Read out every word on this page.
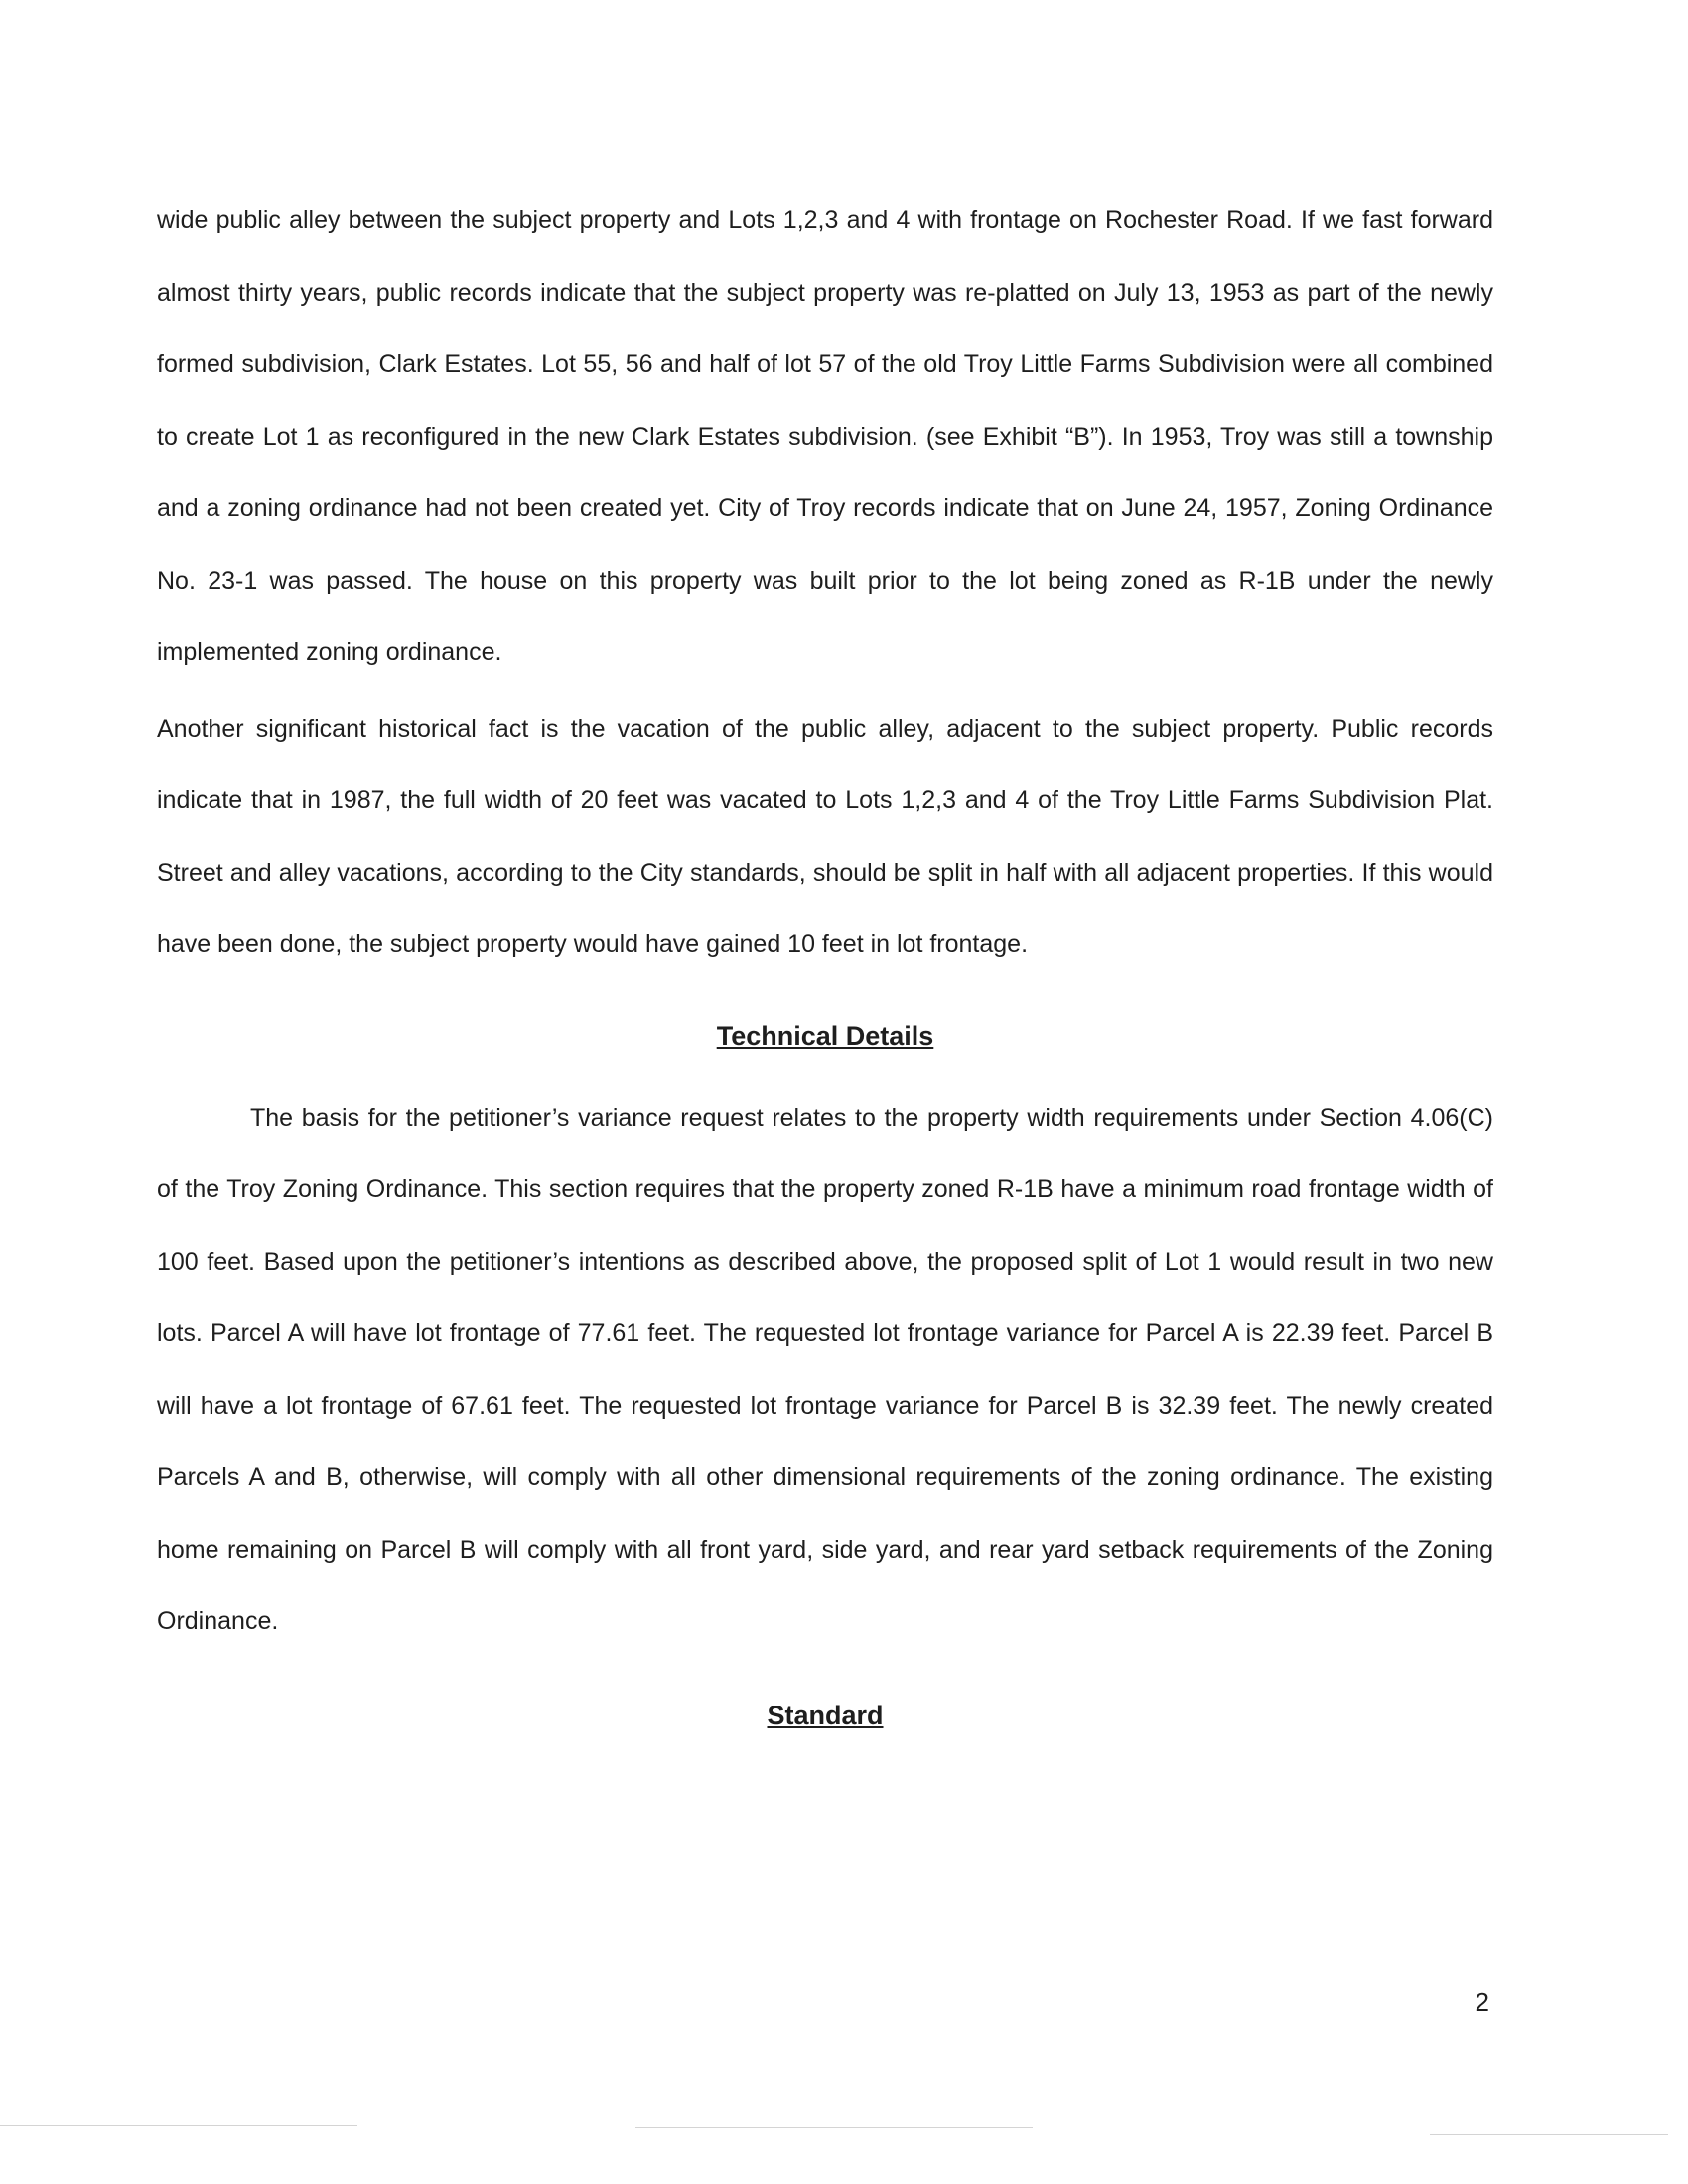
wide public alley between the subject property and Lots 1,2,3 and 4 with frontage on Rochester Road. If we fast forward almost thirty years, public records indicate that the subject property was re-platted on July 13, 1953 as part of the newly formed subdivision, Clark Estates. Lot 55, 56 and half of lot 57 of the old Troy Little Farms Subdivision were all combined to create Lot 1 as reconfigured in the new Clark Estates subdivision. (see Exhibit “B”). In 1953, Troy was still a township and a zoning ordinance had not been created yet. City of Troy records indicate that on June 24, 1957, Zoning Ordinance No. 23-1 was passed. The house on this property was built prior to the lot being zoned as R-1B under the newly implemented zoning ordinance.

Another significant historical fact is the vacation of the public alley, adjacent to the subject property. Public records indicate that in 1987, the full width of 20 feet was vacated to Lots 1,2,3 and 4 of the Troy Little Farms Subdivision Plat. Street and alley vacations, according to the City standards, should be split in half with all adjacent properties. If this would have been done, the subject property would have gained 10 feet in lot frontage.

Technical Details

The basis for the petitioner’s variance request relates to the property width requirements under Section 4.06(C) of the Troy Zoning Ordinance. This section requires that the property zoned R-1B have a minimum road frontage width of 100 feet. Based upon the petitioner’s intentions as described above, the proposed split of Lot 1 would result in two new lots. Parcel A will have lot frontage of 77.61 feet. The requested lot frontage variance for Parcel A is 22.39 feet. Parcel B will have a lot frontage of 67.61 feet. The requested lot frontage variance for Parcel B is 32.39 feet. The newly created Parcels A and B, otherwise, will comply with all other dimensional requirements of the zoning ordinance. The existing home remaining on Parcel B will comply with all front yard, side yard, and rear yard setback requirements of the Zoning Ordinance.

Standard
2
